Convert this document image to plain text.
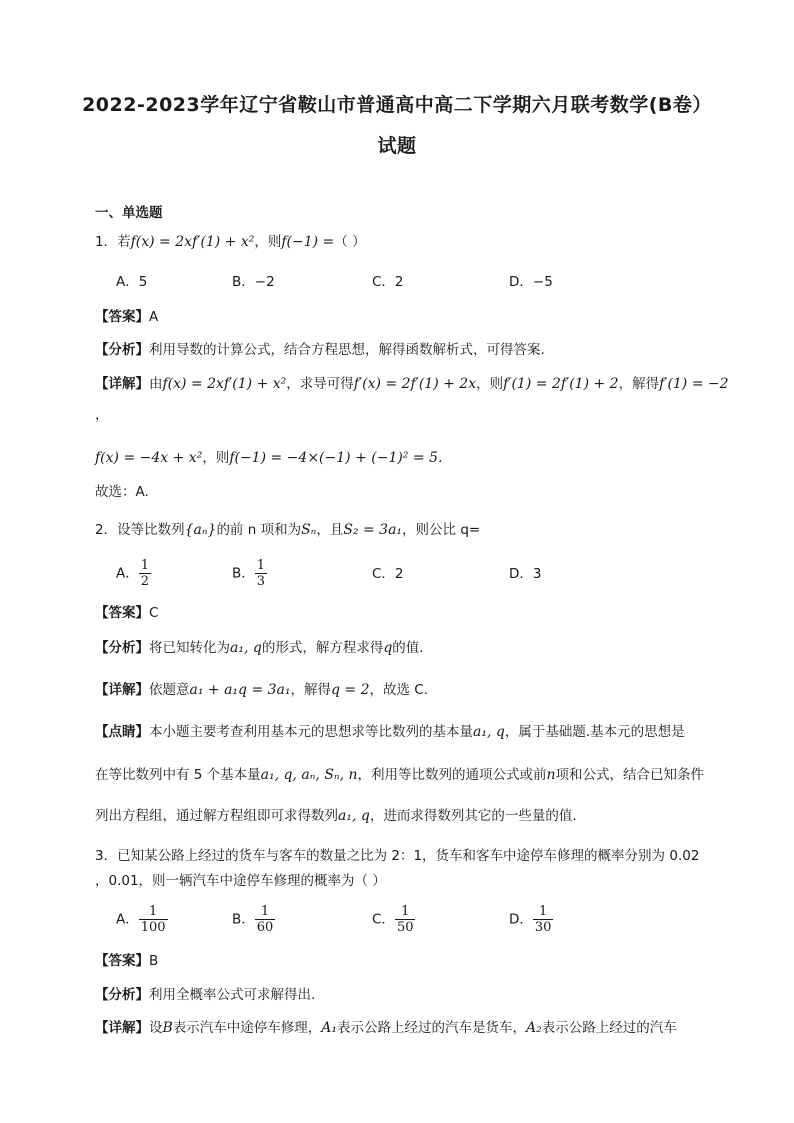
2022-2023学年辽宁省鞍山市普通高中高二下学期六月联考数学(B卷）
试题
一、单选题
1．若f(x) = 2xf′(1) + x²，则f(−1) =（ ）
A．5	B．−2	C．2	D．−5
【答案】A
【分析】利用导数的计算公式，结合方程思想，解得函数解析式，可得答案.
【详解】由f(x) = 2xf′(1) + x²，求导可得f′(x) = 2f′(1) + 2x，则f′(1) = 2f′(1) + 2，解得f′(1) = −2
，
f(x) = −4x + x²，则f(−1) = −4×(−1) + (−1)² = 5.
故选：A.
2．设等比数列{aₙ}的前 n 项和为Sₙ，且S₂ = 3a₁，则公比 q=
A． $\frac{1}{2}$	B． $\frac{1}{3}$	C．2	D．3
【答案】C
【分析】将已知转化为a₁, q的形式，解方程求得q的值.
【详解】依题意a₁ + a₁q = 3a₁，解得q = 2，故选 C.
【点睛】本小题主要考查利用基本元的思想求等比数列的基本量a₁, q，属于基础题.基本元的思想是
在等比数列中有 5 个基本量a₁, q, aₙ, Sₙ, n，利用等比数列的通项公式或前n项和公式，结合已知条件
列出方程组，通过解方程组即可求得数列a₁, q，进而求得数列其它的一些量的值.
3．已知某公路上经过的货车与客车的数量之比为 2：1，货车和客车中途停车修理的概率分别为 0.02
，0.01，则一辆汽车中途停车修理的概率为（ ）
A． $\frac{1}{100}$	B． $\frac{1}{60}$	C． $\frac{1}{50}$	D． $\frac{1}{30}$
【答案】B
【分析】利用全概率公式可求解得出.
【详解】设B表示汽车中途停车修理，A₁表示公路上经过的汽车是货车，A₂表示公路上经过的汽车
